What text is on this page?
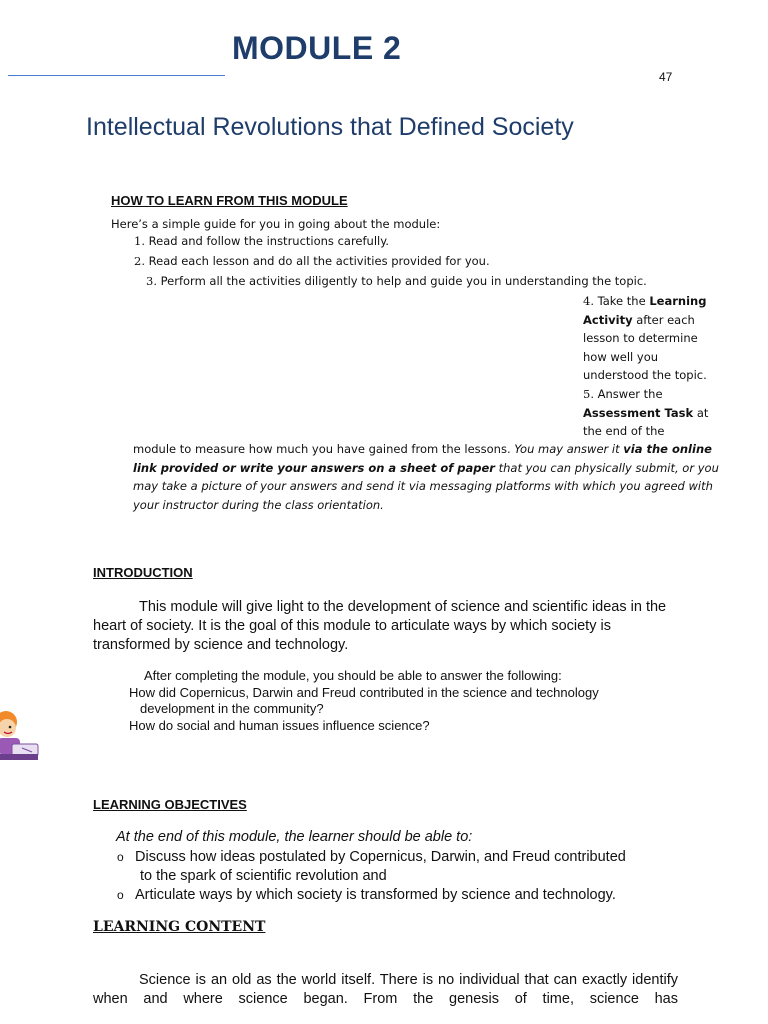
MODULE 2
47
Intellectual Revolutions that Defined Society
HOW TO LEARN FROM THIS MODULE
Here’s a simple guide for you in going about the module:
1. Read and follow the instructions carefully.
2. Read each lesson and do all the activities provided for you.
3. Perform all the activities diligently to help and guide you in understanding the topic.
4. Take the Learning Activity after each lesson to determine how well you understood the topic.
5. Answer the Assessment Task at the end of the
module to measure how much you have gained from the lessons. You may answer it via the online link provided or write your answers on a sheet of paper that you can physically submit, or you may take a picture of your answers and send it via messaging platforms with which you agreed with your instructor during the class orientation.
INTRODUCTION
This module will give light to the development of science and scientific ideas in the heart of society. It is the goal of this module to articulate ways by which society is transformed by science and technology.
After completing the module, you should be able to answer the following:
How did Copernicus, Darwin and Freud contributed in the science and technology
development in the community?
How do social and human issues influence science?
LEARNING OBJECTIVES
At the end of this module, the learner should be able to:
o Discuss how ideas postulated by Copernicus, Darwin, and Freud contributed
to the spark of scientific revolution and
o Articulate ways by which society is transformed by science and technology.
LEARNING CONTENT
Science is an old as the world itself. There is no individual that can exactly identify when and where science began. From the genesis of time, science has
